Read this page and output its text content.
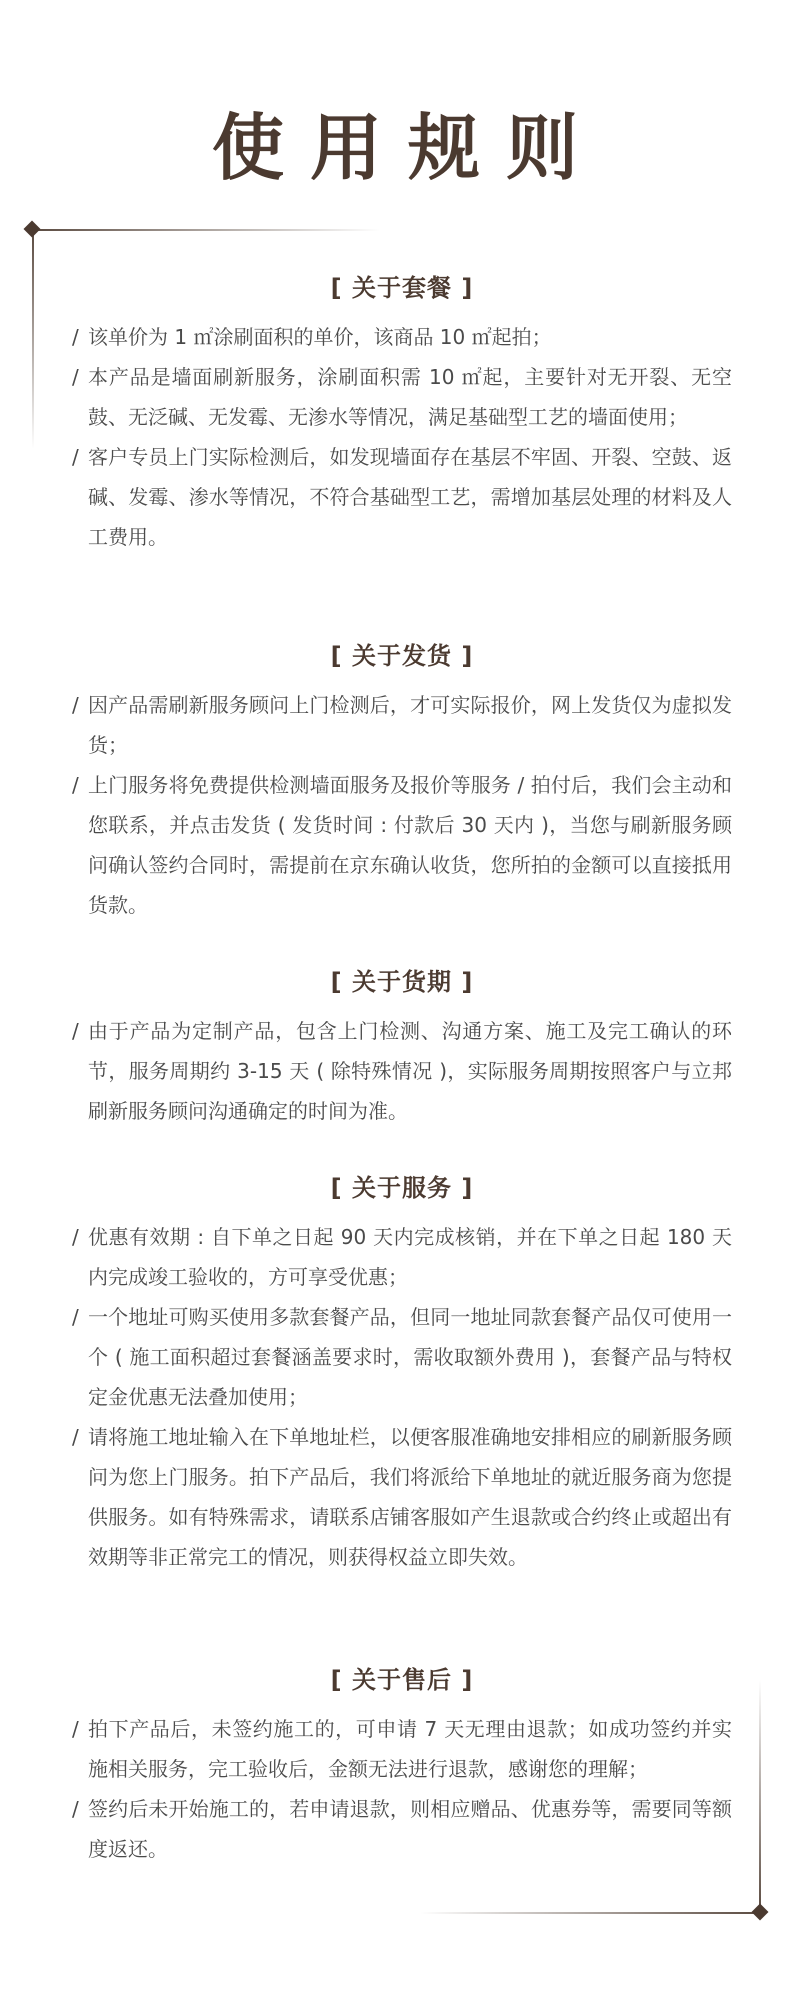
使用规则
[ 关于套餐 ]
/ 该单价为 1 ㎡涂刷面积的单价，该商品 10 ㎡起拍；
/ 本产品是墙面刷新服务，涂刷面积需 10 ㎡起，主要针对无开裂、无空鼓、无泛碱、无发霉、无渗水等情况，满足基础型工艺的墙面使用；
/ 客户专员上门实际检测后，如发现墙面存在基层不牢固、开裂、空鼓、返碱、发霉、渗水等情况，不符合基础型工艺，需增加基层处理的材料及人工费用。
[ 关于发货 ]
/ 因产品需刷新服务顾问上门检测后，才可实际报价，网上发货仅为虚拟发货；
/ 上门服务将免费提供检测墙面服务及报价等服务 / 拍付后，我们会主动和您联系，并点击发货 ( 发货时间 : 付款后 30 天内 )，当您与刷新服务顾问确认签约合同时，需提前在京东确认收货，您所拍的金额可以直接抵用货款。
[ 关于货期 ]
/ 由于产品为定制产品，包含上门检测、沟通方案、施工及完工确认的环节，服务周期约 3-15 天 ( 除特殊情况 )，实际服务周期按照客户与立邦刷新服务顾问沟通确定的时间为准。
[ 关于服务 ]
/ 优惠有效期 : 自下单之日起 90 天内完成核销，并在下单之日起 180 天内完成竣工验收的，方可享受优惠；
/ 一个地址可购买使用多款套餐产品，但同一地址同款套餐产品仅可使用一个 ( 施工面积超过套餐涵盖要求时，需收取额外费用 )，套餐产品与特权定金优惠无法叠加使用；
/ 请将施工地址输入在下单地址栏，以便客服准确地安排相应的刷新服务顾问为您上门服务。拍下产品后，我们将派给下单地址的就近服务商为您提供服务。如有特殊需求，请联系店铺客服如产生退款或合约终止或超出有效期等非正常完工的情况，则获得权益立即失效。
[ 关于售后 ]
/ 拍下产品后，未签约施工的，可申请 7 天无理由退款；如成功签约并实施相关服务，完工验收后，金额无法进行退款，感谢您的理解；
/ 签约后未开始施工的，若申请退款，则相应赠品、优惠券等，需要同等额度返还。
